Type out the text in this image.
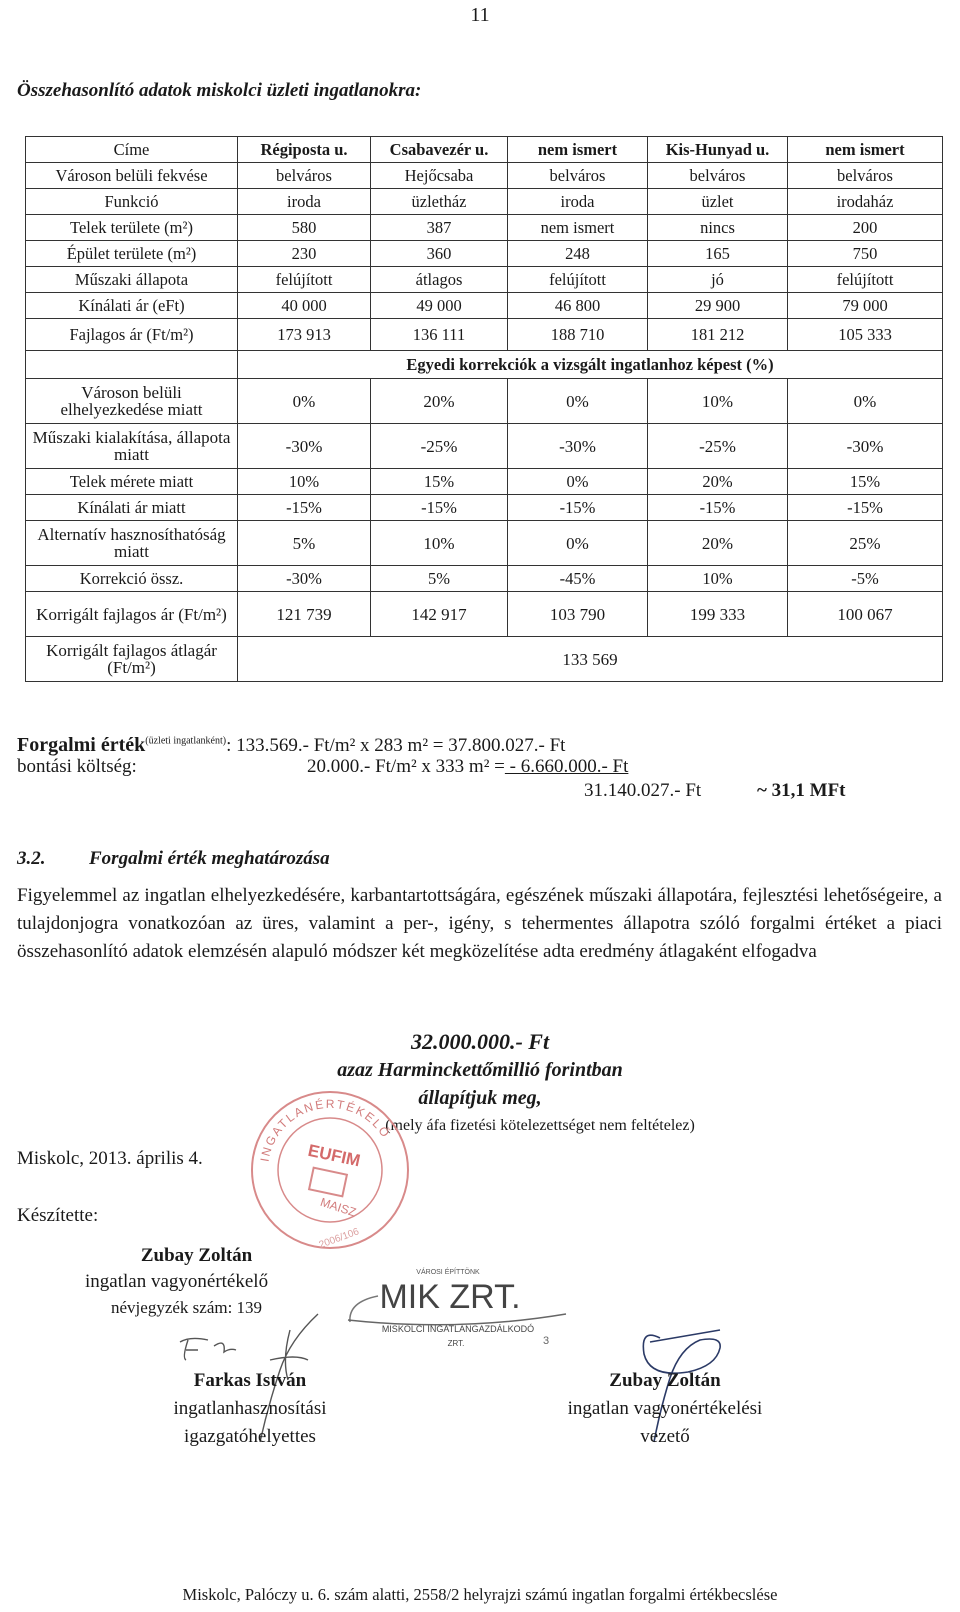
11
Összehasonlító adatok miskolci üzleti ingatlanokra:
Címe	Régiposta u.	Csabavezér u.	nem ismert	Kis-Hunyad u.	nem ismert
Városon belüli fekvése	belváros	Hejőcsaba	belváros	belváros	belváros
Funkció	iroda	üzletház	iroda	üzlet	irodaház
Telek területe (m²)	580	387	nem ismert	nincs	200
Épület területe (m²)	230	360	248	165	750
Műszaki állapota	felújított	átlagos	felújított	jó	felújított
Kínálati ár (eFt)	40 000	49 000	46 800	29 900	79 000
Fajlagos ár (Ft/m²)	173 913	136 111	188 710	181 212	105 333
	Egyedi korrekciók a vizsgált ingatlanhoz képest (%)				
Városon belüli elhelyezkedése miatt	0%	20%	0%	10%	0%
Műszaki kialakítása, állapota miatt	-30%	-25%	-30%	-25%	-30%
Telek mérete miatt	10%	15%	0%	20%	15%
Kínálati ár miatt	-15%	-15%	-15%	-15%	-15%
Alternatív hasznosíthatóság miatt	5%	10%	0%	20%	25%
Korrekció össz.	-30%	5%	-45%	10%	-5%
Korrigált fajlagos ár (Ft/m²)	121 739	142 917	103 790	199 333	100 067
Korrigált fajlagos átlagár (Ft/m²)	133 569				
Forgalmi érték$^{(üzleti ingatlanként)}$: 133.569.- Ft/m² x 283 m² = 37.800.027.- Ft
bontási költség:	20.000.- Ft/m² x 333 m² = - 6.660.000.- Ft
31.140.027.- Ft	~ 31,1 MFt
3.2. Forgalmi érték meghatározása
Figyelemmel az ingatlan elhelyezkedésére, karbantartottságára, egészének műszaki állapotára, fejlesztési lehetőségeire, a tulajdonjogra vonatkozóan az üres, valamint a per-, igény, s tehermentes állapotra szóló forgalmi értéket a piaci összehasonlító adatok elemzésén alapuló módszer két megközelítése adta eredmény átlagaként elfogadva
32.000.000.- Ft
azaz Harminckettőmillió forintban
állapítjuk meg,
(mely áfa fizetési kötelezettséget nem feltételez)
Miskolc, 2013. április 4.
Készítette:
INGATLANÉRTÉKELŐ
EUFIM
MAISZ
2006/106
Zubay Zoltán
ingatlan vagyonértékelő
névjegyzék szám: 139
VÁROSI ÉPÍTTÖNK
MIK ZRT.
MISKOLCI INGATLANGAZDÁLKODÓ
ZRT.	3
Farkas István
ingatlanhasznosítási
igazgatóhelyettes
Zubay Zoltán
ingatlan vagyonértékelési
vezető
Miskolc, Palóczy u. 6. szám alatti, 2558/2 helyrajzi számú ingatlan forgalmi értékbecslése
